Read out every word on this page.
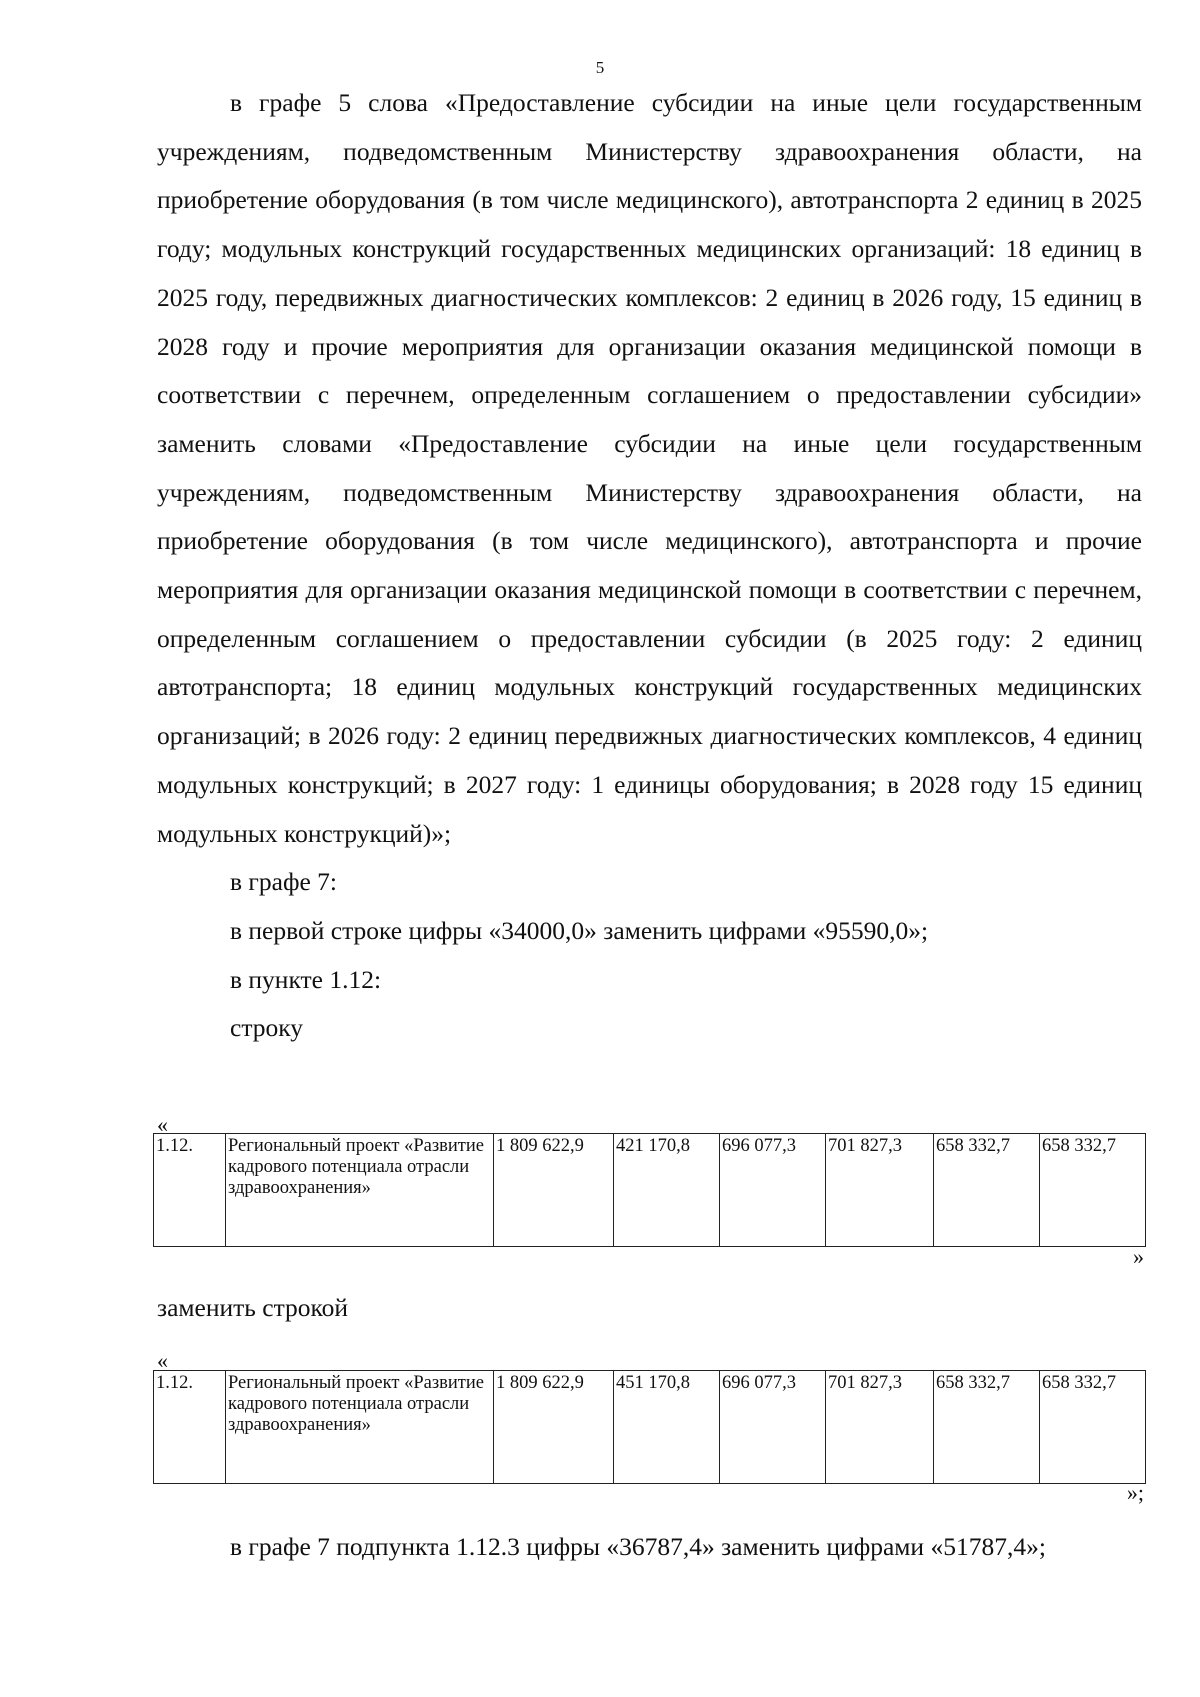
5

в графе 5 слова «Предоставление субсидии на иные цели государственным учреждениям, подведомственным Министерству здравоохранения области, на приобретение оборудования (в том числе медицинского), автотранспорта 2 единиц в 2025 году; модульных конструкций государственных медицинских организаций: 18 единиц в 2025 году, передвижных диагностических комплексов: 2 единиц в 2026 году, 15 единиц в 2028 году и прочие мероприятия для организации оказания медицинской помощи в соответствии с перечнем, определенным соглашением о предоставлении субсидии» заменить словами «Предоставление субсидии на иные цели государственным учреждениям, подведомственным Министерству здравоохранения области, на приобретение оборудования (в том числе медицинского), автотранспорта и прочие мероприятия для организации оказания медицинской помощи в соответствии с перечнем, определенным соглашением о предоставлении субсидии (в 2025 году: 2 единиц автотранспорта; 18 единиц модульных конструкций государственных медицинских организаций; в 2026 году: 2 единиц передвижных диагностических комплексов, 4 единиц модульных конструкций; в 2027 году: 1 единицы оборудования; в 2028 году 15 единиц модульных конструкций)»;

в графе 7:

в первой строке цифры «34000,0» заменить цифрами «95590,0»;

в пункте 1.12:

строку

«
1.12.	Региональный проект «Развитие кадрового потенциала отрасли здравоохранения»	1 809 622,9	421 170,8	696 077,3	701 827,3	658 332,7	658 332,7
»
заменить строкой
«
1.12.	Региональный проект «Развитие кадрового потенциала отрасли здравоохранения»	1 809 622,9	451 170,8	696 077,3	701 827,3	658 332,7	658 332,7
»;
в графе 7 подпункта 1.12.3 цифры «36787,4» заменить цифрами «51787,4»;
